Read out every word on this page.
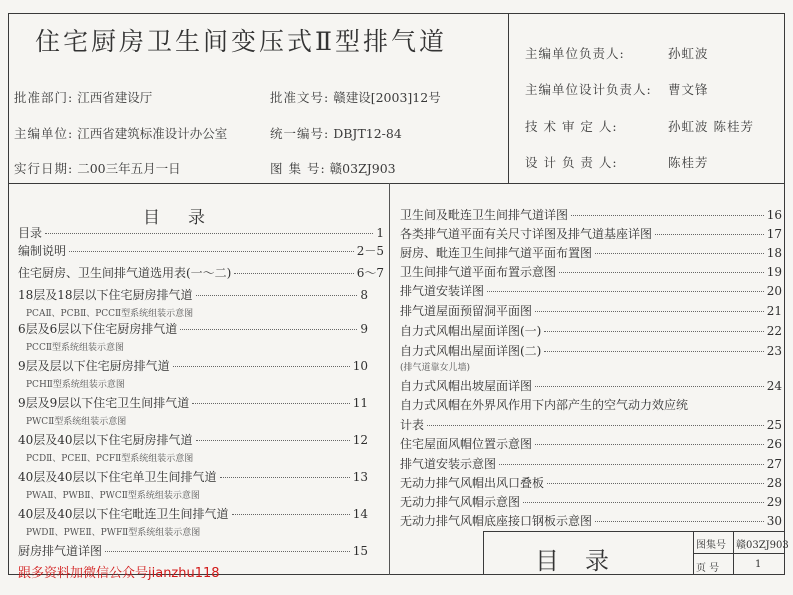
住宅厨房卫生间变压式Ⅱ型排气道
批准部门: 江西省建设厅	批准文号: 赣建设[2003]12号
主编单位: 江西省建筑标准设计办公室	统一编号: DBJT12-84
实行日期: 二00三年五月一日	图 集 号: 赣03ZJ903
主编单位负责人:	孙虹波
主编单位设计负责人: 曹文锋
技 术 审 定 人:	孙虹波 陈桂芳
设 计 负 责 人:	陈桂芳
目录
目录	1
编制说明	2－5
住宅厨房、卫生间排气道选用表(一～二)	6～7
18层及18层以下住宅厨房排气道	8
PCAⅡ、PCBⅡ、PCCⅡ型系统组装示意图
6层及6层以下住宅厨房排气道	9
PCCⅡ型系统组装示意图
9层及层以下住宅厨房排气道	10
PCHⅡ型系统组装示意图
9层及9层以下住宅卫生间排气道	11
PWCⅡ型系统组装示意图
40层及40层以下住宅厨房排气道	12
PCDⅡ、PCEⅡ、PCFⅡ型系统组装示意图
40层及40层以下住宅单卫生间排气道	13
PWAⅡ、PWBⅡ、PWCⅡ型系统组装示意图
40层及40层以下住宅毗连卫生间排气道	14
PWDⅡ、PWEⅡ、PWFⅡ型系统组装示意图
厨房排气道详图	15
卫生间及毗连卫生间排气道详图	16
各类排气道平面有关尺寸详图及排气道基座详图	17
厨房、毗连卫生间排气道平面布置图	18
卫生间排气道平面布置示意图	19
排气道安装详图	20
排气道屋面预留洞平面图	21
自力式风帽出屋面详图(一)	22
自力式风帽出屋面详图(二)	23
(排气道靠女儿墙)
自力式风帽出坡屋面详图	24
自力式风帽在外界风作用下内部产生的空气动力效应统
计表	25
住宅屋面风帽位置示意图	26
排气道安装示意图	27
无动力排气风帽出风口叠板	28
无动力排气风帽示意图	29
无动力排气风帽底座接口钢板示意图	30
目录
图集号 赣03ZJ903
页 号	1
跟多资料加微信公众号jianzhu118
